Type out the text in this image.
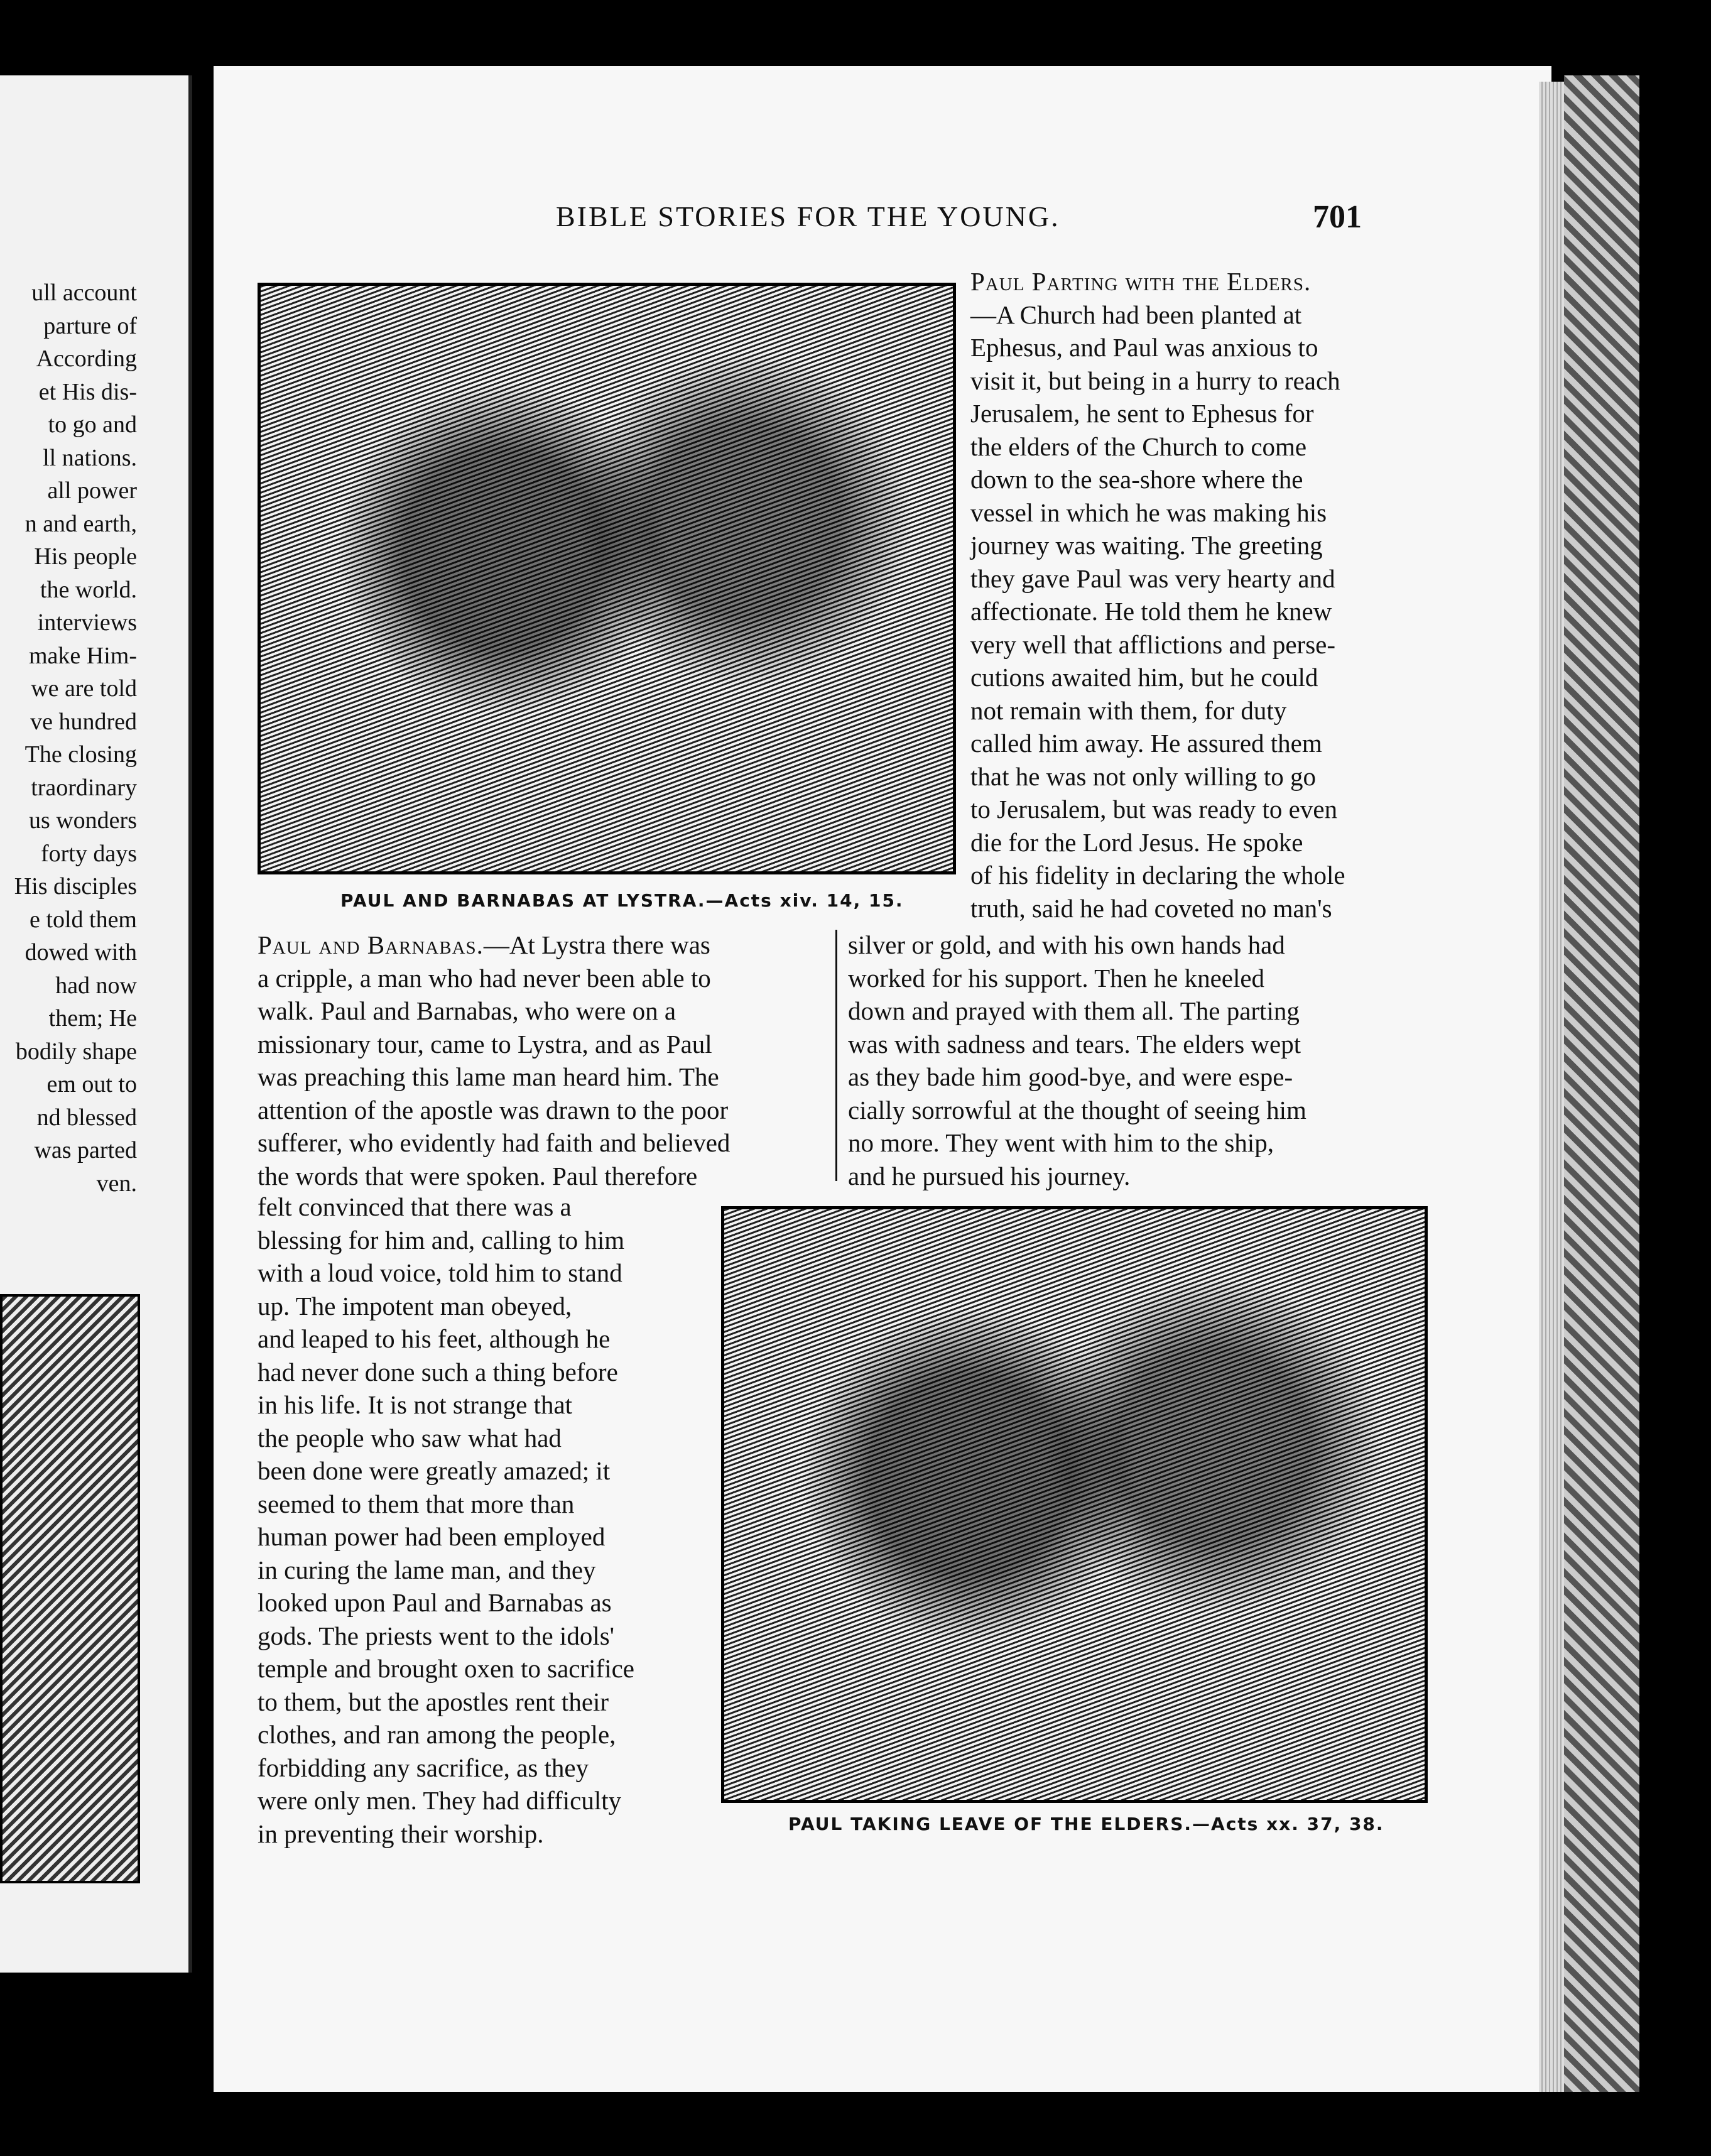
ull account
parture of
According
et His dis-
to go and
ll nations.
all power
n and earth,
His people
the world.
interviews
make Him-
we are told
ve hundred
The closing
traordinary
us wonders
forty days
His disciples
e told them
dowed with
had now
them; He
bodily shape
em out to
nd blessed
was parted
ven.
BIBLE STORIES FOR THE YOUNG.	701
PAUL AND BARNABAS AT LYSTRA.—Acts xiv. 14, 15.
Paul Parting with the Elders.
—A Church had been planted at
Ephesus, and Paul was anxious to
visit it, but being in a hurry to reach
Jerusalem, he sent to Ephesus for
the elders of the Church to come
down to the sea-shore where the
vessel in which he was making his
journey was waiting. The greeting
they gave Paul was very hearty and
affectionate. He told them he knew
very well that afflictions and perse-
cutions awaited him, but he could
not remain with them, for duty
called him away. He assured them
that he was not only willing to go
to Jerusalem, but was ready to even
die for the Lord Jesus. He spoke
of his fidelity in declaring the whole
truth, said he had coveted no man's
Paul and Barnabas.—At Lystra there was
a cripple, a man who had never been able to
walk. Paul and Barnabas, who were on a
missionary tour, came to Lystra, and as Paul
was preaching this lame man heard him. The
attention of the apostle was drawn to the poor
sufferer, who evidently had faith and believed
the words that were spoken. Paul therefore
silver or gold, and with his own hands had
worked for his support. Then he kneeled
down and prayed with them all. The parting
was with sadness and tears. The elders wept
as they bade him good-bye, and were espe-
cially sorrowful at the thought of seeing him
no more. They went with him to the ship,
and he pursued his journey.
felt convinced that there was a
blessing for him and, calling to him
with a loud voice, told him to stand
up. The impotent man obeyed,
and leaped to his feet, although he
had never done such a thing before
in his life. It is not strange that
the people who saw what had
been done were greatly amazed; it
seemed to them that more than
human power had been employed
in curing the lame man, and they
looked upon Paul and Barnabas as
gods. The priests went to the idols'
temple and brought oxen to sacrifice
to them, but the apostles rent their
clothes, and ran among the people,
forbidding any sacrifice, as they
were only men. They had difficulty
in preventing their worship.	PAUL TAKING LEAVE OF THE ELDERS.—Acts xx. 37, 38.
